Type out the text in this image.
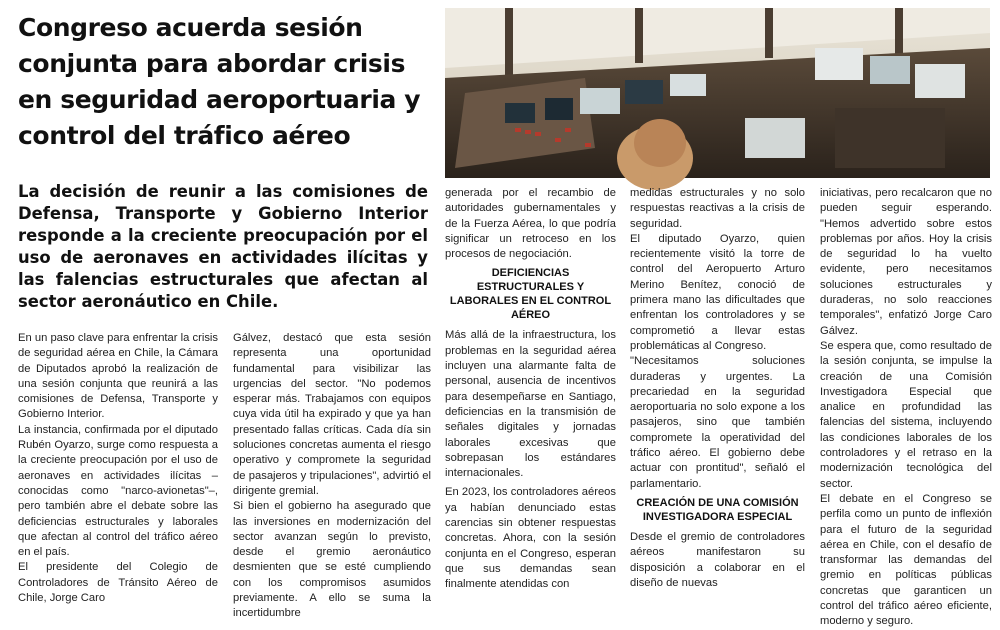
Congreso acuerda sesión conjunta para abordar crisis en seguridad aeroportuaria y control del tráfico aéreo
La decisión de reunir a las comisiones de Defensa, Transporte y Gobierno Interior responde a la creciente preocupación por el uso de aeronaves en actividades ilícitas y las falencias estructurales que afectan al sector aeronáutico en Chile.

En un paso clave para enfrentar la crisis de seguridad aérea en Chile, la Cámara de Diputados aprobó la realización de una sesión conjunta que reunirá a las comisiones de Defensa, Transporte y Gobierno Interior.

La instancia, confirmada por el diputado Rubén Oyarzo, surge como respuesta a la creciente preocupación por el uso de aeronaves en actividades ilícitas –conocidas como "narco-avionetas"–, pero también abre el debate sobre las deficiencias estructurales y laborales que afectan al control del tráfico aéreo en el país.

El presidente del Colegio de Controladores de Tránsito Aéreo de Chile, Jorge Caro

Gálvez, destacó que esta sesión representa una oportunidad fundamental para visibilizar las urgencias del sector. "No podemos esperar más. Trabajamos con equipos cuya vida útil ha expirado y que ya han presentado fallas críticas. Cada día sin soluciones concretas aumenta el riesgo operativo y compromete la seguridad de pasajeros y tripulaciones", advirtió el dirigente gremial.

Si bien el gobierno ha asegurado que las inversiones en modernización del sector avanzan según lo previsto, desde el gremio aeronáutico desmienten que se esté cumpliendo con los compromisos asumidos previamente. A ello se suma la incertidumbre

generada por el recambio de autoridades gubernamentales y de la Fuerza Aérea, lo que podría significar un retroceso en los procesos de negociación.

DEFICIENCIAS ESTRUCTURALES Y LABORALES EN EL CONTROL AÉREO

Más allá de la infraestructura, los problemas en la seguridad aérea incluyen una alarmante falta de personal, ausencia de incentivos para desempeñarse en Santiago, deficiencias en la transmisión de señales digitales y jornadas laborales excesivas que sobrepasan los estándares internacionales.

En 2023, los controladores aéreos ya habían denunciado estas carencias sin obtener respuestas concretas. Ahora, con la sesión conjunta en el Congreso, esperan que sus demandas sean finalmente atendidas con

medidas estructurales y no solo respuestas reactivas a la crisis de seguridad.

El diputado Oyarzo, quien recientemente visitó la torre de control del Aeropuerto Arturo Merino Benítez, conoció de primera mano las dificultades que enfrentan los controladores y se comprometió a llevar estas problemáticas al Congreso.

"Necesitamos soluciones duraderas y urgentes. La precariedad en la seguridad aeroportuaria no solo expone a los pasajeros, sino que también compromete la operatividad del tráfico aéreo. El gobierno debe actuar con prontitud", señaló el parlamentario.

CREACIÓN DE UNA COMISIÓN INVESTIGADORA ESPECIAL

Desde el gremio de controladores aéreos manifestaron su disposición a colaborar en el diseño de nuevas

iniciativas, pero recalcaron que no pueden seguir esperando. "Hemos advertido sobre estos problemas por años. Hoy la crisis de seguridad lo ha vuelto evidente, pero necesitamos soluciones estructurales y duraderas, no solo reacciones temporales", enfatizó Jorge Caro Gálvez.

Se espera que, como resultado de la sesión conjunta, se impulse la creación de una Comisión Investigadora Especial que analice en profundidad las falencias del sistema, incluyendo las condiciones laborales de los controladores y el retraso en la modernización tecnológica del sector.

El debate en el Congreso se perfila como un punto de inflexión para el futuro de la seguridad aérea en Chile, con el desafío de transformar las demandas del gremio en políticas públicas concretas que garanticen un control del tráfico aéreo eficiente, moderno y seguro.
